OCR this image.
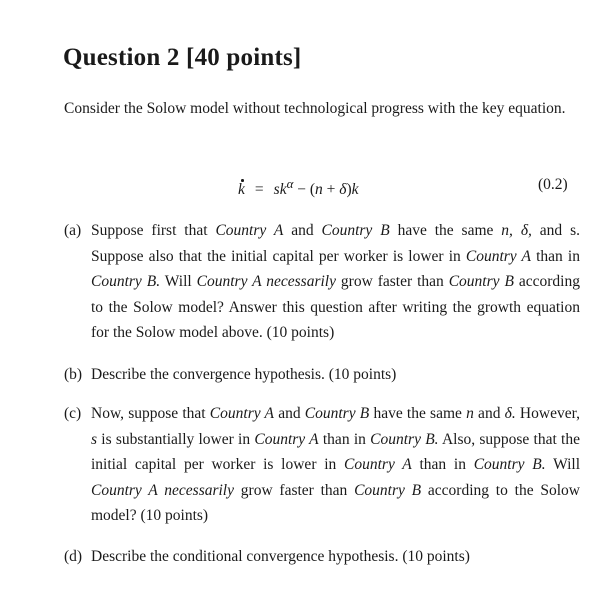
Question 2 [40 points]
Consider the Solow model without technological progress with the key equation.
$k = sk^\alpha - (n + \delta)k$	(0.2)
(a) Suppose first that Country A and Country B have the same n, δ, and s. Suppose also that the initial capital per worker is lower in Country A than in Country B. Will Country A necessarily grow faster than Country B according to the Solow model? Answer this question after writing the growth equation for the Solow model above. (10 points)
(b) Describe the convergence hypothesis. (10 points)
(c) Now, suppose that Country A and Country B have the same n and δ. However, s is substantially lower in Country A than in Country B. Also, suppose that the initial capital per worker is lower in Country A than in Country B. Will Country A necessarily grow faster than Country B according to the Solow model? (10 points)
(d) Describe the conditional convergence hypothesis. (10 points)
